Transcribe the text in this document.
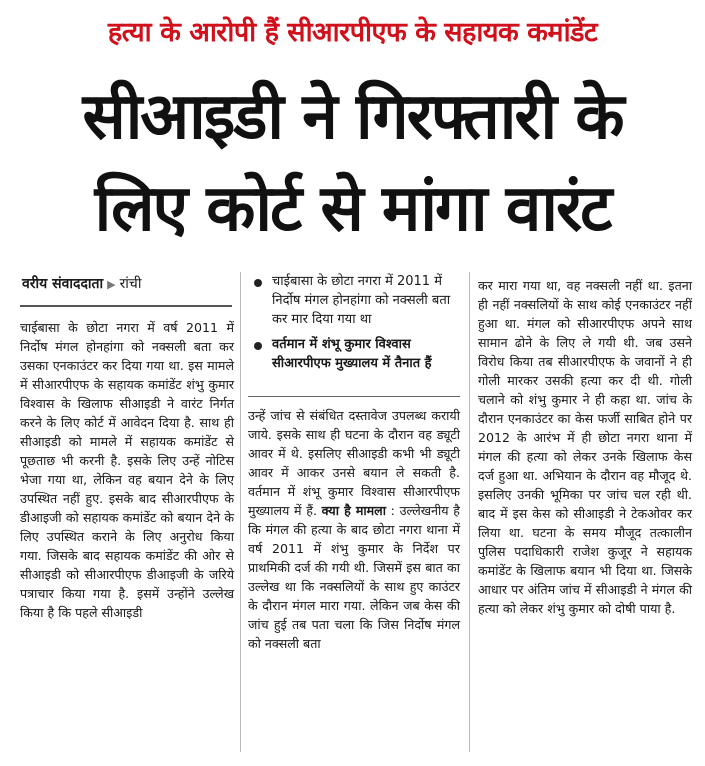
हत्या के आरोपी हैं सीआरपीएफ के सहायक कमांडेंट
सीआइडी ने गिरफ्तारी के
लिए कोर्ट से मांगा वारंट
वरीय संवाददाता ▶ रांची
चाईबासा के छोटा नगरा में वर्ष 2011 में निर्दोष मंगल होनहांगा को नक्सली बता कर उसका एनकाउंटर कर दिया गया था. इस मामले में सीआरपीएफ के सहायक कमांडेंट शंभु कुमार विश्वास के खिलाफ सीआइडी ने वारंट निर्गत करने के लिए कोर्ट में आवेदन दिया है. साथ ही सीआइडी को मामले में सहायक कमांडेंट से पूछताछ भी करनी है. इसके लिए उन्हें नोटिस भेजा गया था, लेकिन वह बयान देने के लिए उपस्थित नहीं हुए. इसके बाद सीआरपीएफ के डीआइजी को सहायक कमांडेंट को बयान देने के लिए उपस्थित कराने के लिए अनुरोध किया गया. जिसके बाद सहायक कमांडेंट की ओर से सीआइडी को सीआरपीएफ डीआइजी के जरिये पत्राचार किया गया है. इसमें उन्होंने उल्लेख किया है कि पहले सीआइडी
चाईबासा के छोटा नगरा में 2011 में निर्दोष मंगल होनहांगा को नक्सली बता कर मार दिया गया था
वर्तमान में शंभू कुमार विश्वास सीआरपीएफ मुख्यालय में तैनात हैं
उन्हें जांच से संबंधित दस्तावेज उपलब्ध करायी जाये. इसके साथ ही घटना के दौरान वह ड्यूटी आवर में थे. इसलिए सीआइडी कभी भी ड्यूटी आवर में आकर उनसे बयान ले सकती है. वर्तमान में शंभू कुमार विश्वास सीआरपीएफ मुख्यालय में हैं. क्या है मामला : उल्लेखनीय है कि मंगल की हत्या के बाद छोटा नगरा थाना में वर्ष 2011 में शंभु कुमार के निर्देश पर प्राथमिकी दर्ज की गयी थी. जिसमें इस बात का उल्लेख था कि नक्सलियों के साथ हुए काउंटर के दौरान मंगल मारा गया. लेकिन जब केस की जांच हुई तब पता चला कि जिस निर्दोष मंगल को नक्सली बता
कर मारा गया था, वह नक्सली नहीं था. इतना ही नहीं नक्सलियों के साथ कोई एनकाउंटर नहीं हुआ था. मंगल को सीआरपीएफ अपने साथ सामान ढोने के लिए ले गयी थी. जब उसने विरोध किया तब सीआरपीएफ के जवानों ने ही गोली मारकर उसकी हत्या कर दी थी. गोली चलाने को शंभु कुमार ने ही कहा था. जांच के दौरान एनकाउंटर का केस फर्जी साबित होने पर 2012 के आरंभ में ही छोटा नगरा थाना में मंगल की हत्या को लेकर उनके खिलाफ केस दर्ज हुआ था. अभियान के दौरान वह मौजूद थे. इसलिए उनकी भूमिका पर जांच चल रही थी. बाद में इस केस को सीआइडी ने टेकओवर कर लिया था. घटना के समय मौजूद तत्कालीन पुलिस पदाधिकारी राजेश कुजूर ने सहायक कमांडेंट के खिलाफ बयान भी दिया था. जिसके आधार पर अंतिम जांच में सीआइडी ने मंगल की हत्या को लेकर शंभु कुमार को दोषी पाया है.
